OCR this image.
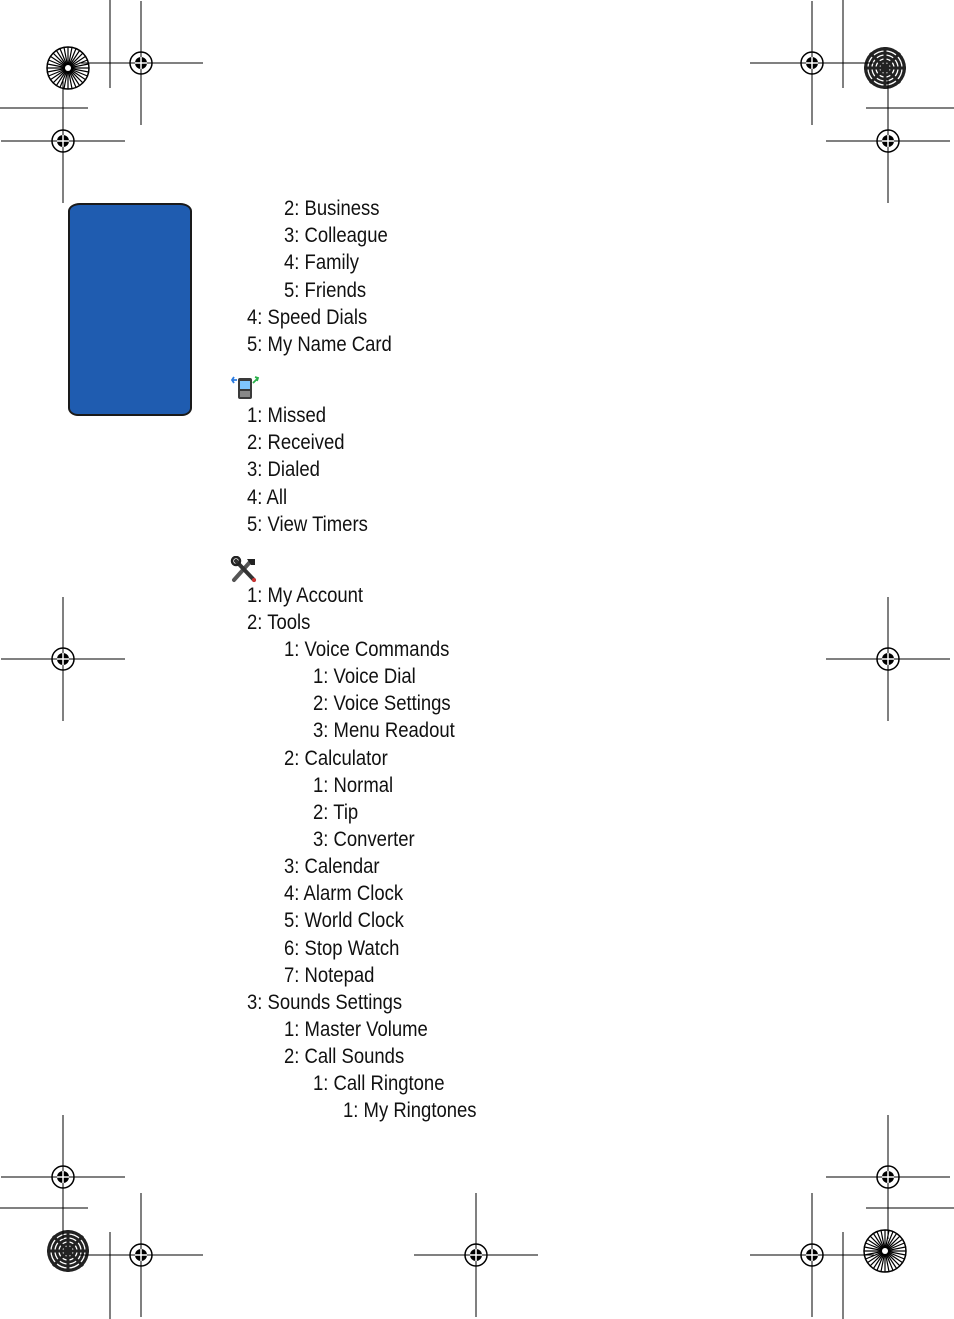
2: Business
3: Colleague
4: Family
5: Friends
4: Speed Dials
5: My Name Card
1: Missed
2: Received
3: Dialed
4: All
5: View Timers
1: My Account
2: Tools
1: Voice Commands
1: Voice Dial
2: Voice Settings
3: Menu Readout
2: Calculator
1: Normal
2: Tip
3: Converter
3: Calendar
4: Alarm Clock
5: World Clock
6: Stop Watch
7: Notepad
3: Sounds Settings
1: Master Volume
2: Call Sounds
1: Call Ringtone
1: My Ringtones
